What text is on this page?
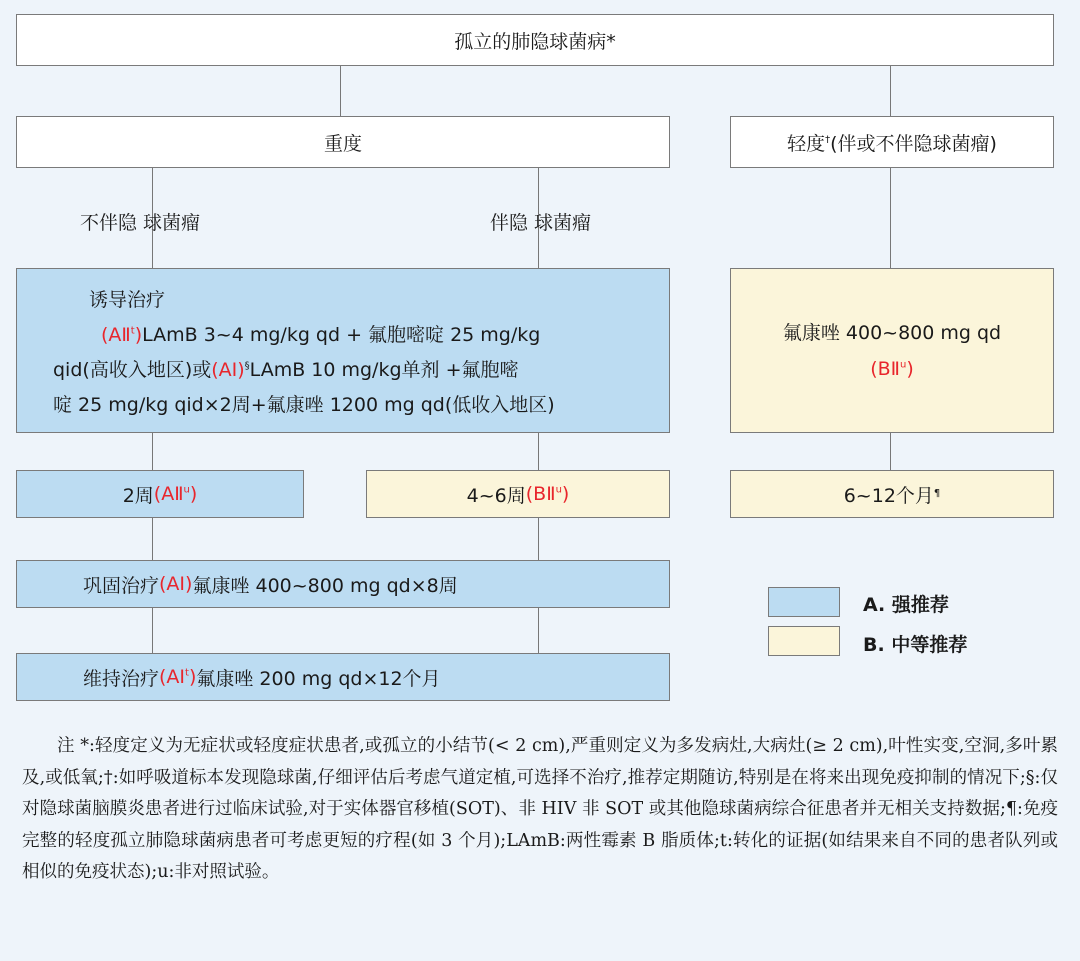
孤立的肺隐球菌病*
重度	轻度†(伴或不伴隐球菌瘤)
不伴隐 球菌瘤	伴隐 球菌瘤
诱导治疗
(AⅡ$^t$)LAmB 3~4 mg/kg qd + 氟胞嘧啶 25 mg/kg
qid(高收入地区)或(AⅠ)§LAmB 10 mg/kg单剂 +氟胞嘧
啶 25 mg/kg qid×2周+氟康唑 1200 mg qd(低收入地区)
氟康唑 400~800 mg qd
(BⅡ$^u$)
2周 (AⅡ$^u$)	4~6周 (BⅡ$^u$)	6~12个月 ¶
巩固治疗 (AⅠ) 氟康唑 400~800 mg qd×8周
维持治疗 (AⅠ$^t$) 氟康唑 200 mg qd×12个月
A. 强推荐
B. 中等推荐
注 *:轻度定义为无症状或轻度症状患者,或孤立的小结节(< 2 cm),严重则定义为多发病灶,大病灶(≥ 2 cm),叶性实变,空洞,多叶累及,或低氧;†:如呼吸道标本发现隐球菌,仔细评估后考虑气道定植,可选择不治疗,推荐定期随访,特别是在将来出现免疫抑制的情况下;§:仅对隐球菌脑膜炎患者进行过临床试验,对于实体器官移植(SOT)、非 HIV 非 SOT 或其他隐球菌病综合征患者并无相关支持数据;¶:免疫完整的轻度孤立肺隐球菌病患者可考虑更短的疗程(如 3 个月);LAmB:两性霉素 B 脂质体;t:转化的证据(如结果来自不同的患者队列或相似的免疫状态);u:非对照试验。
